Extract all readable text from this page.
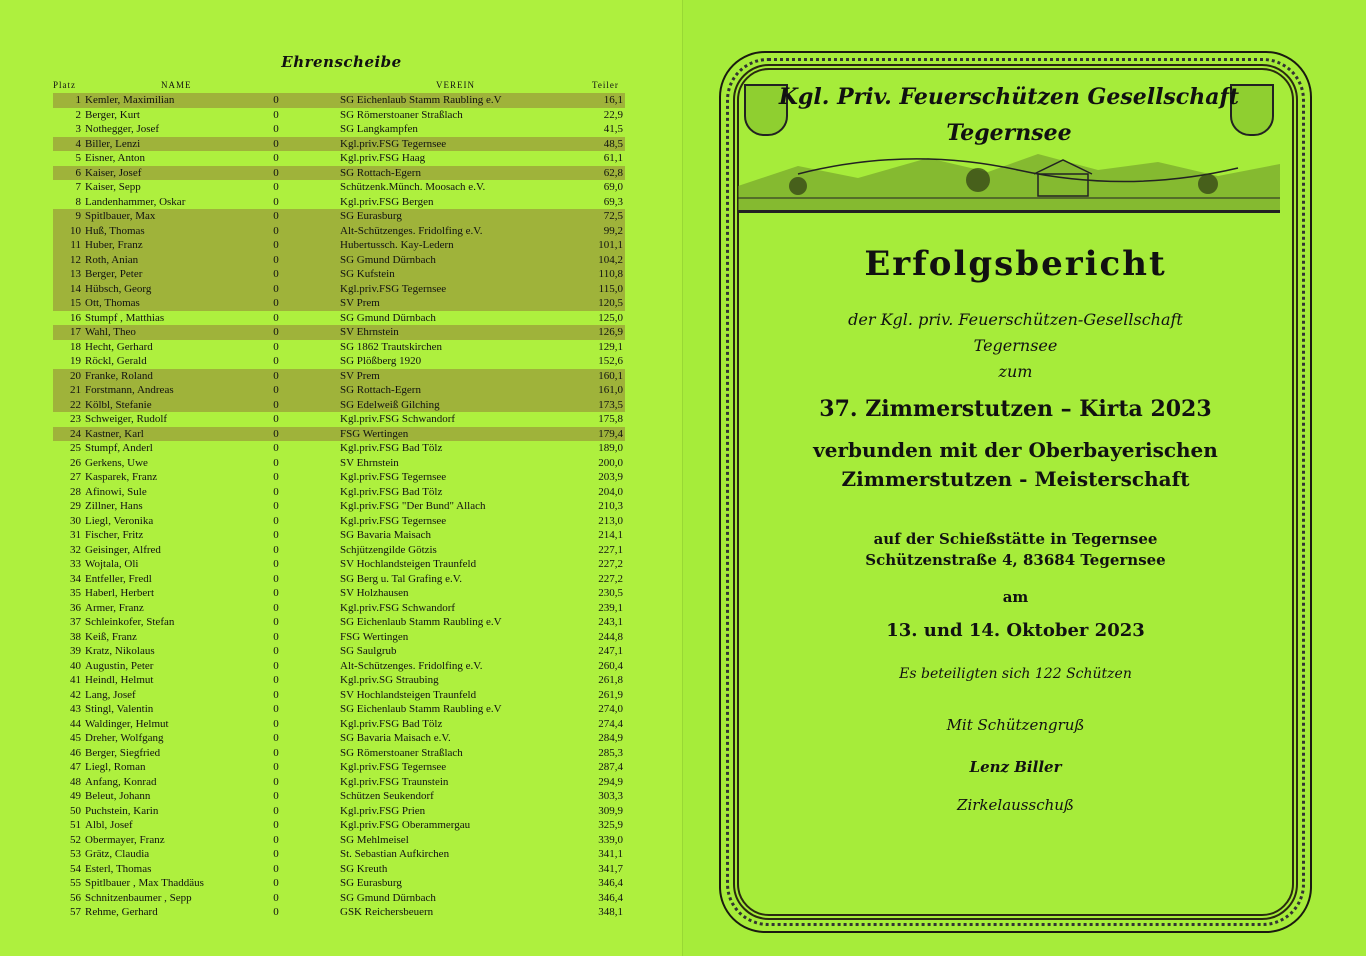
Ehrenscheibe
Platz	NAME	VEREIN	Teiler
1 Kemler, Maximilian	0	SG Eichenlaub Stamm Raubling e.V	16,1
2 Berger, Kurt	0	SG Römerstoaner Straßlach	22,9
3 Nothegger, Josef	0	SG Langkampfen	41,5
4 Biller, Lenzi	0	Kgl.priv.FSG Tegernsee	48,5
5 Eisner, Anton	0	Kgl.priv.FSG Haag	61,1
6 Kaiser, Josef	0	SG Rottach-Egern	62,8
7 Kaiser, Sepp	0	Schützenk.Münch. Moosach e.V.	69,0
8 Landenhammer, Oskar	0	Kgl.priv.FSG Bergen	69,3
9 Spitlbauer, Max	0	SG Eurasburg	72,5
10 Huß, Thomas	0	Alt-Schützenges. Fridolfing e.V.	99,2
11 Huber, Franz	0	Hubertussch. Kay-Ledern	101,1
12 Roth, Anian	0	SG Gmund Dürnbach	104,2
13 Berger, Peter	0	SG Kufstein	110,8
14 Hübsch, Georg	0	Kgl.priv.FSG Tegernsee	115,0
15 Ott, Thomas	0	SV Prem	120,5
16 Stumpf , Matthias	0	SG Gmund Dürnbach	125,0
17 Wahl, Theo	0	SV Ehrnstein	126,9
18 Hecht, Gerhard	0	SG 1862 Trautskirchen	129,1
19 Röckl, Gerald	0	SG Plößberg 1920	152,6
20 Franke, Roland	0	SV Prem	160,1
21 Forstmann, Andreas	0	SG Rottach-Egern	161,0
22 Kölbl, Stefanie	0	SG Edelweiß Gilching	173,5
23 Schweiger, Rudolf	0	Kgl.priv.FSG Schwandorf	175,8
24 Kastner, Karl	0	FSG Wertingen	179,4
25 Stumpf, Anderl	0	Kgl.priv.FSG Bad Tölz	189,0
26 Gerkens, Uwe	0	SV Ehrnstein	200,0
27 Kasparek, Franz	0	Kgl.priv.FSG Tegernsee	203,9
28 Afinowi, Sule	0	Kgl.priv.FSG Bad Tölz	204,0
29 Zillner, Hans	0	Kgl.priv.FSG "Der Bund" Allach	210,3
30 Liegl, Veronika	0	Kgl.priv.FSG Tegernsee	213,0
31 Fischer, Fritz	0	SG Bavaria Maisach	214,1
32 Geisinger, Alfred	0	Schjützengilde Götzis	227,1
33 Wojtala, Oli	0	SV Hochlandsteigen Traunfeld	227,2
34 Entfeller, Fredl	0	SG Berg u. Tal Grafing e.V.	227,2
35 Haberl, Herbert	0	SV Holzhausen	230,5
36 Armer, Franz	0	Kgl.priv.FSG Schwandorf	239,1
37 Schleinkofer, Stefan	0	SG Eichenlaub Stamm Raubling e.V	243,1
38 Keiß, Franz	0	FSG Wertingen	244,8
39 Kratz, Nikolaus	0	SG Saulgrub	247,1
40 Augustin, Peter	0	Alt-Schützenges. Fridolfing e.V.	260,4
41 Heindl, Helmut	0	Kgl.priv.SG Straubing	261,8
42 Lang, Josef	0	SV Hochlandsteigen Traunfeld	261,9
43 Stingl, Valentin	0	SG Eichenlaub Stamm Raubling e.V	274,0
44 Waldinger, Helmut	0	Kgl.priv.FSG Bad Tölz	274,4
45 Dreher, Wolfgang	0	SG Bavaria Maisach e.V.	284,9
46 Berger, Siegfried	0	SG Römerstoaner Straßlach	285,3
47 Liegl, Roman	0	Kgl.priv.FSG Tegernsee	287,4
48 Anfang, Konrad	0	Kgl.priv.FSG Traunstein	294,9
49 Beleut, Johann	0	Schützen Seukendorf	303,3
50 Puchstein, Karin	0	Kgl.priv.FSG Prien	309,9
51 Albl, Josef	0	Kgl.priv.FSG Oberammergau	325,9
52 Obermayer, Franz	0	SG Mehlmeisel	339,0
53 Grätz, Claudia	0	St. Sebastian Aufkirchen	341,1
54 Esterl, Thomas	0	SG Kreuth	341,7
55 Spitlbauer , Max Thaddäus	0	SG Eurasburg	346,4
56 Schnitzenbaumer , Sepp	0	SG Gmund Dürnbach	346,4
57 Rehme, Gerhard	0	GSK Reichersbeuern	348,1
Kgl. Priv. Feuerschützen Gesellschaft
Tegernsee
Erfolgsbericht
der Kgl. priv. Feuerschützen-Gesellschaft
Tegernsee
zum
37. Zimmerstutzen – Kirta 2023
verbunden mit der Oberbayerischen
Zimmerstutzen - Meisterschaft
auf der Schießstätte in Tegernsee
Schützenstraße 4, 83684 Tegernsee
am
13. und 14. Oktober 2023
Es beteiligten sich 122 Schützen
Mit Schützengruß
Lenz Biller
Zirkelausschuß
